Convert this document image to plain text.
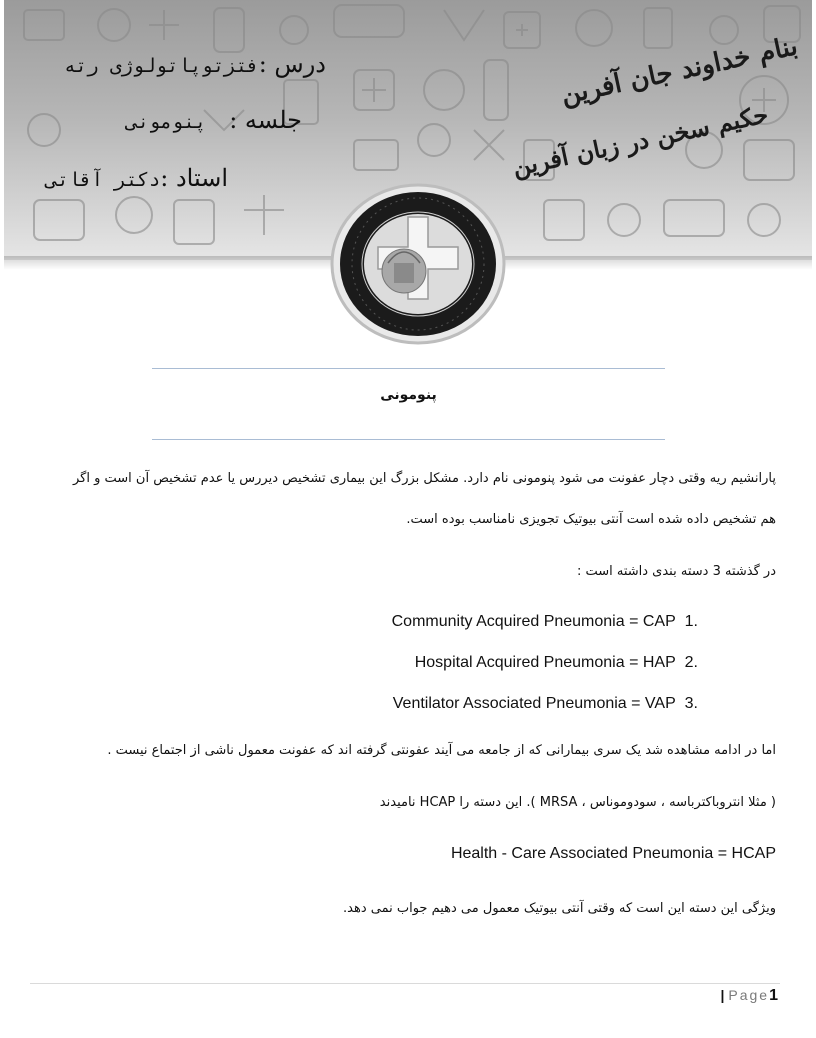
بنام خداوند جان آفرین
حکیم سخن در زبان آفرین
درس :فتزتوپاتولوژی رته
جلسه :  پنومونی
استاد :دکتر آقاتی
پنومونی
پارانشیم ریه وقتی دچار عفونت می شود پنومونی نام دارد. مشکل بزرگ این بیماری تشخیص دیررس یا عدم تشخیص آن است و اگر
هم تشخیص داده شده است آنتی بیوتیک تجویزی نامناسب بوده است.
در گذشته 3 دسته بندی داشته است :
Community Acquired Pneumonia = CAP 1.
Hospital Acquired Pneumonia = HAP 2.
Ventilator Associated Pneumonia = VAP 3.
اما در ادامه مشاهده شد یک سری بیمارانی که از جامعه می آیند عفونتی گرفته اند که عفونت معمول ناشی از اجتماع نیست .
( مثلا انتروباکترباسه ، سودوموناس ، MRSA ). این دسته را HCAP نامیدند
Health - Care Associated Pneumonia = HCAP
ویژگی این دسته این است که وقتی آنتی بیوتیک معمول می دهیم جواب نمی دهد.
| Page1
